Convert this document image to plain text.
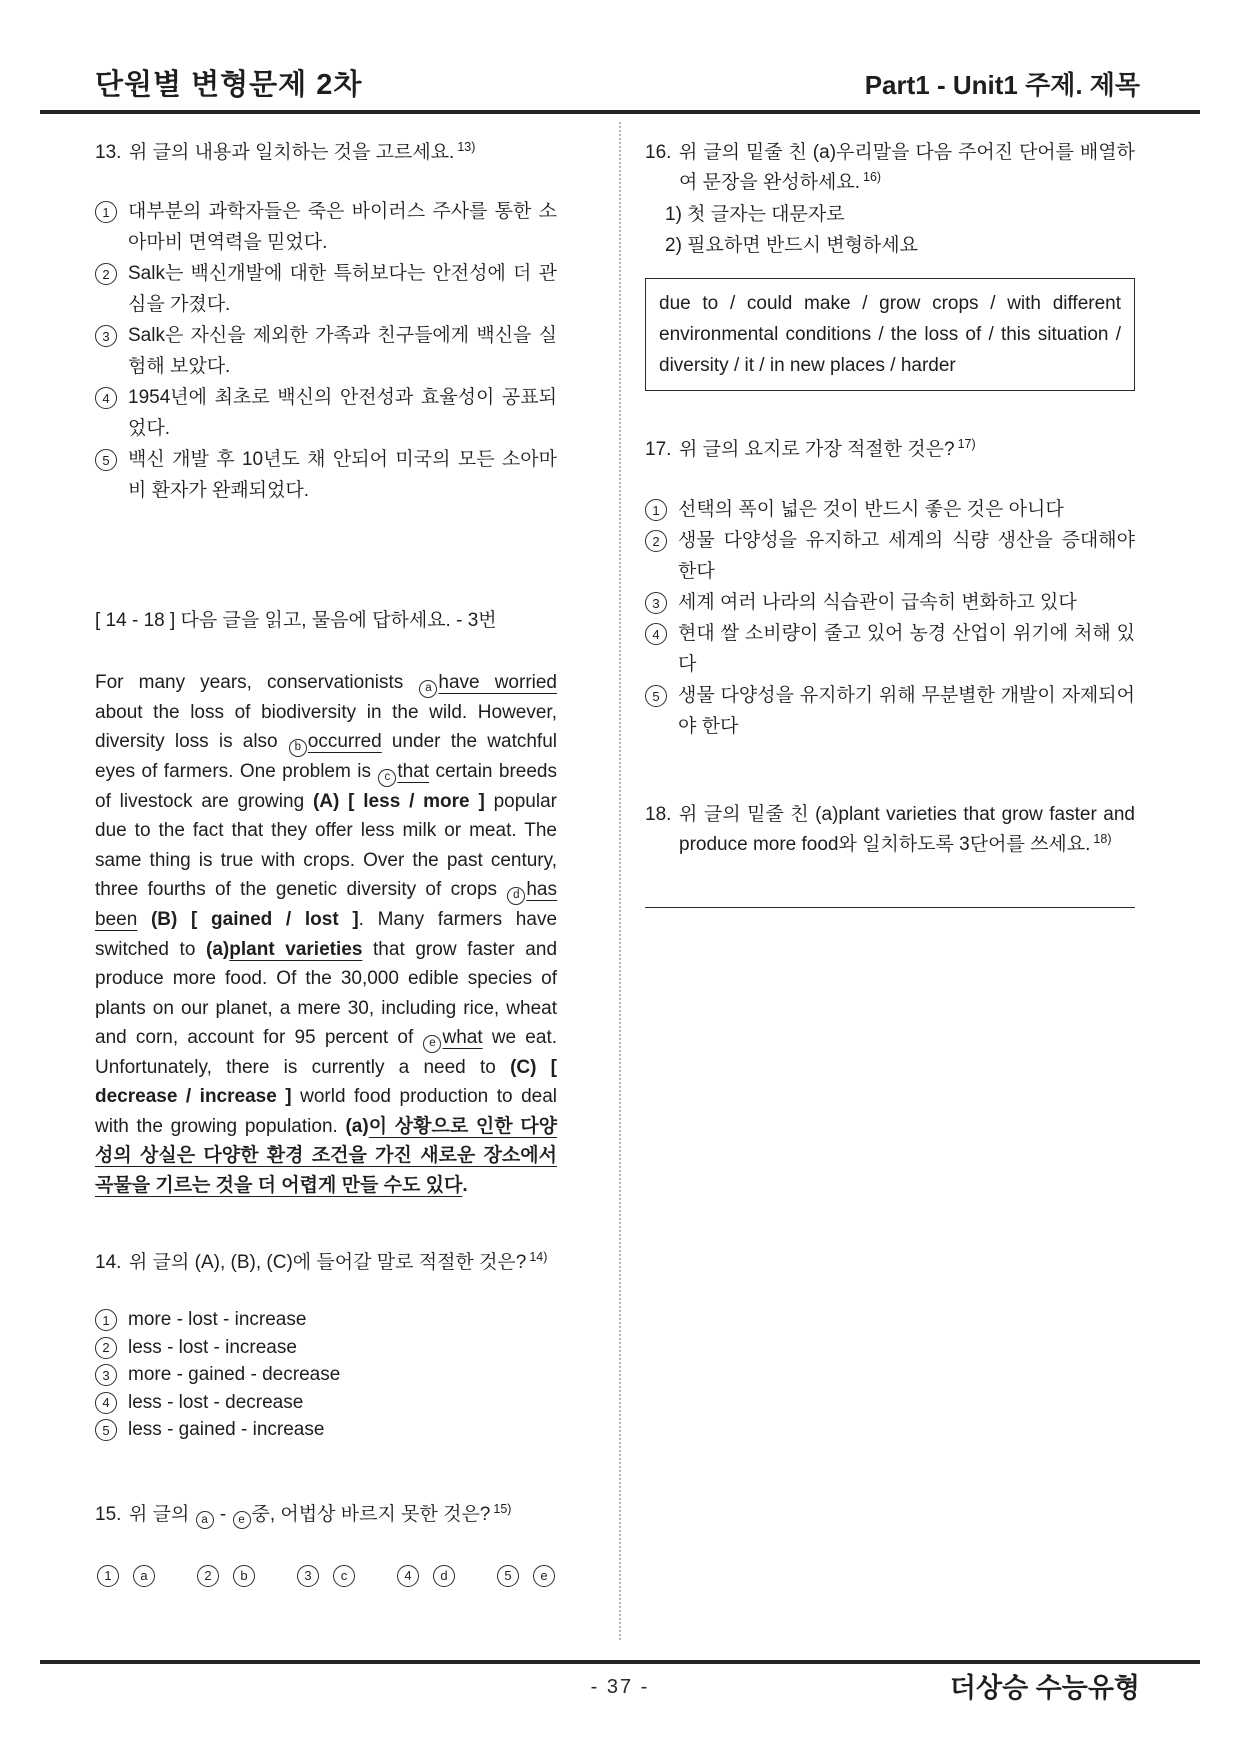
단원별 변형문제 2차	Part1 - Unit1 주제. 제목
13. 위 글의 내용과 일치하는 것을 고르세요. $^{13)}$
1 대부분의 과학자들은 죽은 바이러스 주사를 통한 소아마비 면역력을 믿었다.
2 Salk는 백신개발에 대한 특허보다는 안전성에 더 관심을 가졌다.
3 Salk은 자신을 제외한 가족과 친구들에게 백신을 실험해 보았다.
4 1954년에 최초로 백신의 안전성과 효율성이 공표되었다.
5 백신 개발 후 10년도 채 안되어 미국의 모든 소아마비 환자가 완쾌되었다.
[ 14 - 18 ] 다음 글을 읽고, 물음에 답하세요. - 3번
For many years, conservationists a have worried about the loss of biodiversity in the wild. However, diversity loss is also b occurred under the watchful eyes of farmers. One problem is c that certain breeds of livestock are growing (A) [ less / more ] popular due to the fact that they offer less milk or meat. The same thing is true with crops. Over the past century, three fourths of the genetic diversity of crops d has been (B) [ gained / lost ]. Many farmers have switched to (a)plant varieties that grow faster and produce more food. Of the 30,000 edible species of plants on our planet, a mere 30, including rice, wheat and corn, account for 95 percent of e what we eat. Unfortunately, there is currently a need to (C) [ decrease / increase ] world food production to deal with the growing population. (a)이 상황으로 인한 다양성의 상실은 다양한 환경 조건을 가진 새로운 장소에서 곡물을 기르는 것을 더 어렵게 만들 수도 있다.
14. 위 글의 (A), (B), (C)에 들어갈 말로 적절한 것은? $^{14)}$
1 more - lost - increase
2 less - lost - increase
3 more - gained - decrease
4 less - lost - decrease
5 less - gained - increase
15. 위 글의 a - e 중, 어법상 바르지 못한 것은? $^{15)}$
1	a	2	b	3	c	4	d	5	e
16. 위 글의 밑줄 친 (a)우리말을 다음 주어진 단어를 배열하여 문장을 완성하세요. $^{16)}$
1) 첫 글자는 대문자로
2) 필요하면 반드시 변형하세요
due to / could make / grow crops / with different environmental conditions / the loss of / this situation / diversity / it / in new places / harder
17. 위 글의 요지로 가장 적절한 것은? $^{17)}$
1 선택의 폭이 넓은 것이 반드시 좋은 것은 아니다
2 생물 다양성을 유지하고 세계의 식량 생산을 증대해야 한다
3 세계 여러 나라의 식습관이 급속히 변화하고 있다
4 현대 쌀 소비량이 줄고 있어 농경 산업이 위기에 처해 있다
5 생물 다양성을 유지하기 위해 무분별한 개발이 자제되어야 한다
18. 위 글의 밑줄 친 (a)plant varieties that grow faster and produce more food와 일치하도록 3단어를 쓰세요. $^{18)}$
- 37 -	더상승 수능유형
